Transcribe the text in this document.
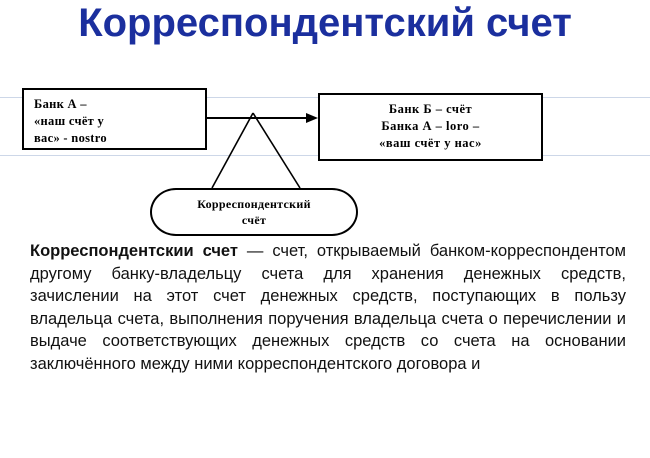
Корреспондентский счет
Банк А –
«наш счёт у
вас» - nostro
Банк Б – счёт
Банка А – loro –
«ваш счёт у нас»
Корреспондентский
счёт
Корреспондентскии счет — счет, открываемый банком-корреспондентом другому банку-владельцу счета для хранения денежных средств, зачислении на этот счет денежных средств, поступающих в пользу владельца счета, выполнения поручения владельца счета о перечислении и выдаче соответствующих денежных средств со счета на основании заключённого между ними корреспондентского договора и
